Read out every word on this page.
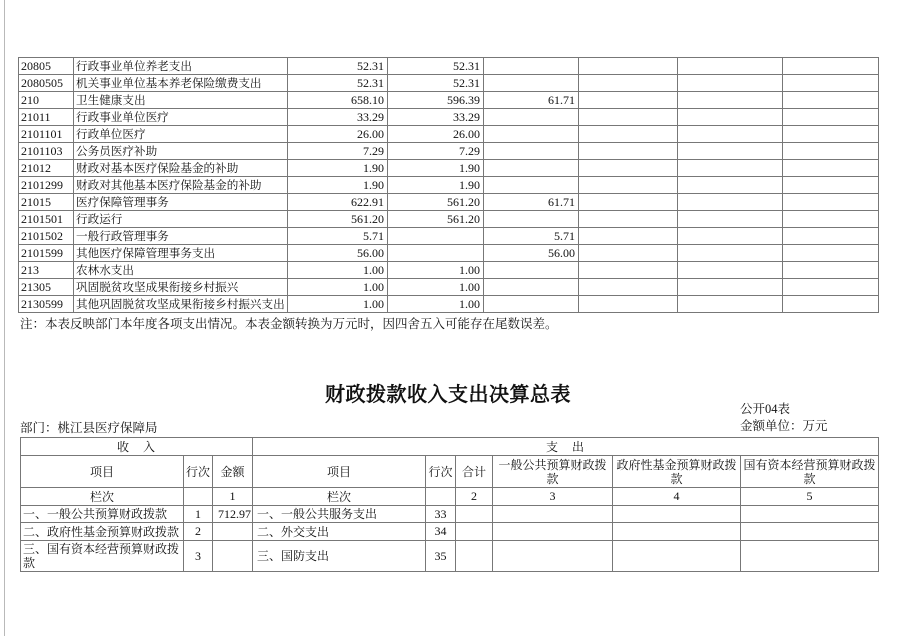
20805	行政事业单位养老支出	52.31	52.31				
2080505	机关事业单位基本养老保险缴费支出	52.31	52.31				
210	卫生健康支出	658.10	596.39	61.71			
21011	行政事业单位医疗	33.29	33.29				
2101101	行政单位医疗	26.00	26.00				
2101103	公务员医疗补助	7.29	7.29				
21012	财政对基本医疗保险基金的补助	1.90	1.90				
2101299	财政对其他基本医疗保险基金的补助	1.90	1.90				
21015	医疗保障管理事务	622.91	561.20	61.71			
2101501	行政运行	561.20	561.20				
2101502	一般行政管理事务	5.71		5.71			
2101599	其他医疗保障管理事务支出	56.00		56.00			
213	农林水支出	1.00	1.00				
21305	巩固脱贫攻坚成果衔接乡村振兴	1.00	1.00				
2130599	其他巩固脱贫攻坚成果衔接乡村振兴支出	1.00	1.00				
注：本表反映部门本年度各项支出情况。本表金额转换为万元时，因四舍五入可能存在尾数误差。
财政拨款收入支出决算总表
公开04表
金额单位：万元
部门：桃江县医疗保障局
收　入			支　出					
项目	行次	金额	项目	行次	合计	一般公共预算财政拨款	政府性基金预算财政拨款	国有资本经营预算财政拨款
栏次		1	栏次		2	3	4	5
一、一般公共预算财政拨款	1	712.97	一、一般公共服务支出	33				
二、政府性基金预算财政拨款	2		二、外交支出	34				
三、国有资本经营预算财政拨款	3		三、国防支出	35				
